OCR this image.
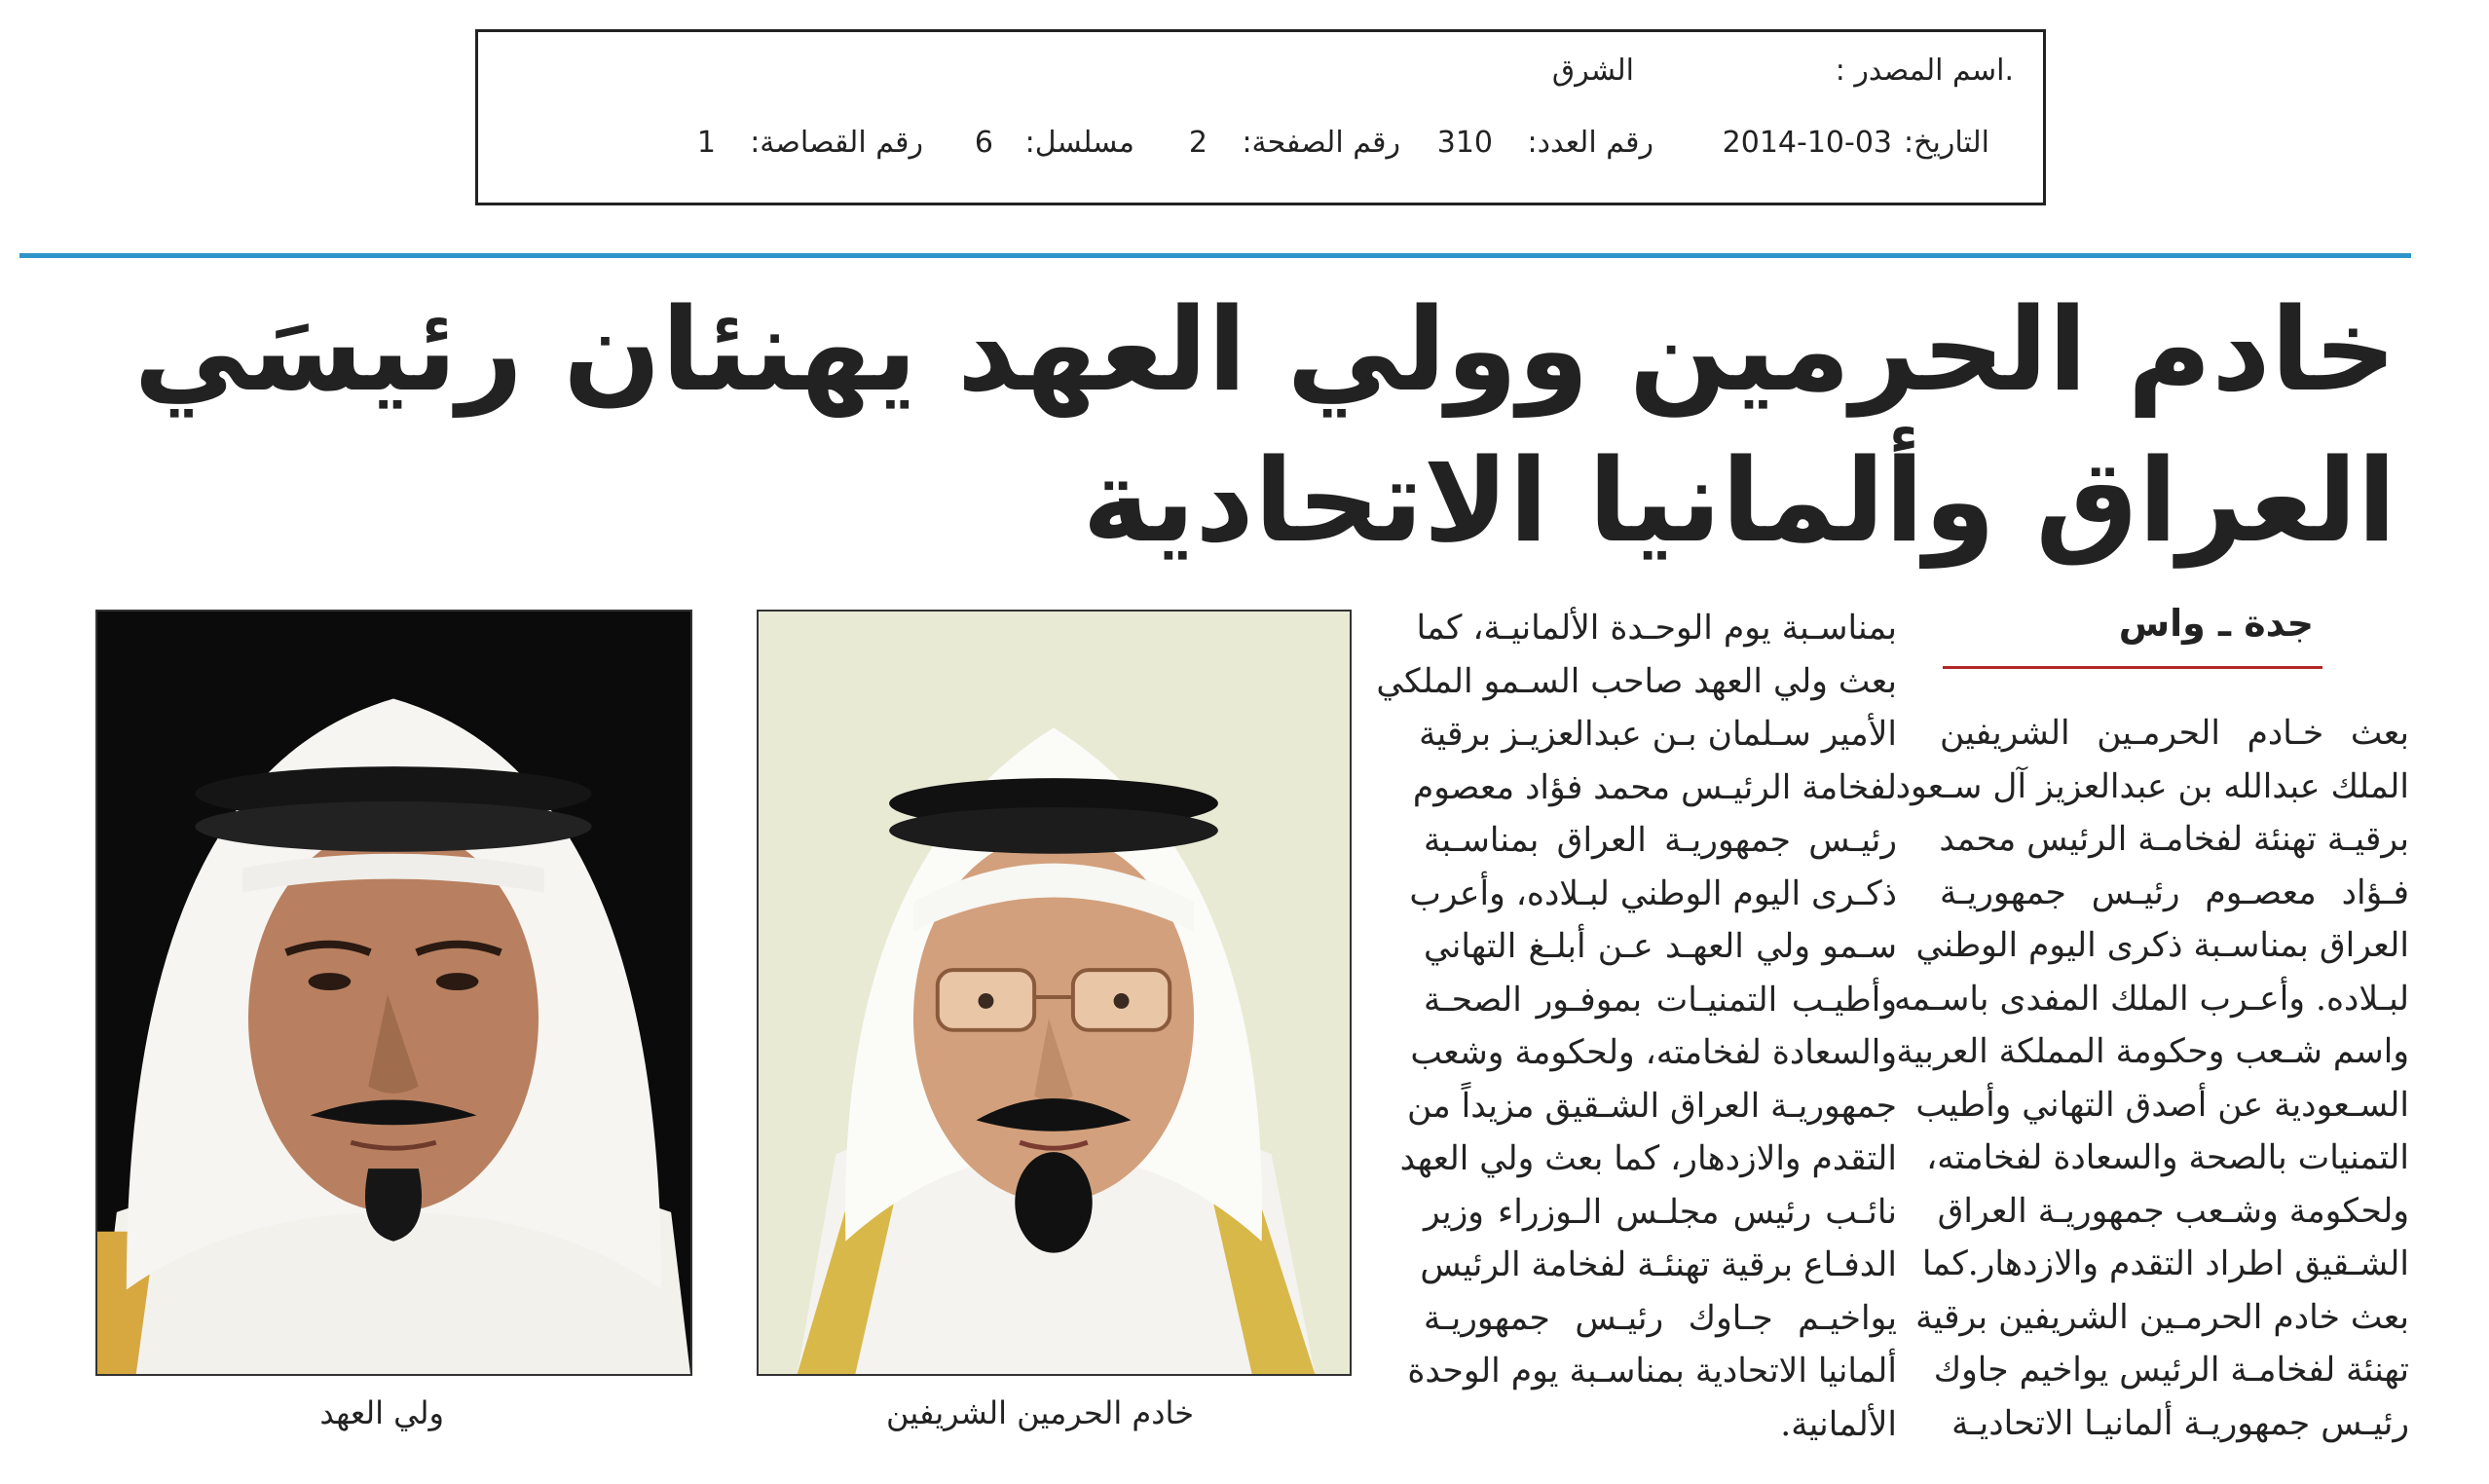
.اسم المصدر :
الشرق
التاريخ:
2014-10-03
رقم العدد:
310
رقم الصفحة:
2
مسلسل:
6
رقم القصاصة:
1
خادم الحرمين وولي العهد يهنئان رئيسَي
العراق وألمانيا الاتحادية
جدة ـ واس
بعث خـادم الحرمـين الشريفين
الملك عبدالله بن عبدالعزيز آل سـعود
برقيـة تهنئة لفخامـة الرئيس محمد
فـؤاد معصـوم رئيـس جمهوريـة
العراق بمناسـبة ذكرى اليوم الوطني
لبـلاده. وأعـرب الملك المفدى باسـمه
واسم شـعب وحكومة المملكة العربية
السـعودية عن أصدق التهاني وأطيب
التمنيات بالصحة والسعادة لفخامته،
ولحكومة وشـعب جمهوريـة العراق
الشـقيق اطراد التقدم والازدهار.كما
بعث خادم الحرمـين الشريفين برقية
تهنئة لفخامـة الرئيس يواخيم جاوك
رئيـس جمهوريـة ألمانيـا الاتحاديـة
بمناسـبة يوم الوحـدة الألمانيـة، كما
بعث ولي العهد صاحب السـمو الملكي
الأمير سـلمان بـن عبدالعزيـز برقية
لفخامة الرئيـس محمد فؤاد معصوم
رئيـس جمهوريـة العراق بمناسـبة
ذكـرى اليوم الوطني لبـلاده، وأعرب
سـمو ولي العهـد عـن أبلـغ التهاني
وأطيـب التمنيـات بموفـور الصحـة
والسعادة لفخامته، ولحكومة وشعب
جمهوريـة العراق الشـقيق مزيداً من
التقدم والازدهار، كما بعث ولي العهد
نائـب رئيس مجلـس الـوزراء وزير
الدفـاع برقية تهنئـة لفخامة الرئيس
يواخيـم جـاوك رئيـس جمهوريـة
ألمانيا الاتحادية بمناسـبة يوم الوحدة
الألمانية.
خادم الحرمين الشريفين
ولي العهد
